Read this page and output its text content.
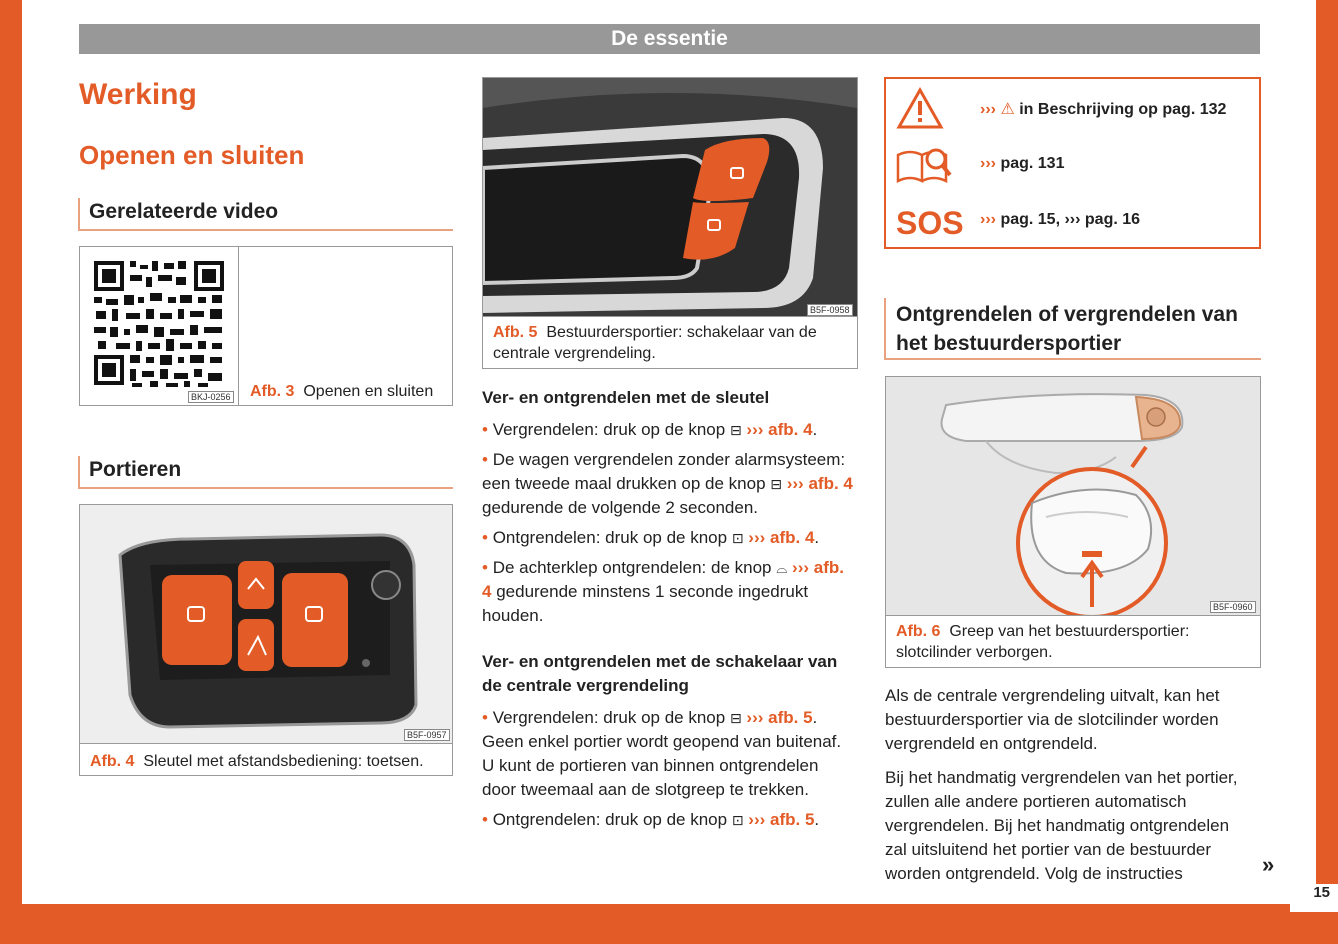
15
De essentie
Werking
Openen en sluiten
Gerelateerde video
BKJ-0256 Afb. 3 Openen en sluiten
Portieren
B5F-0957
Afb. 4 Sleutel met afstandsbediening: toetsen.
B5F-0958
Afb. 5 Bestuurdersportier: schakelaar van de centrale vergrendeling.

Ver- en ontgrendelen met de sleutel

• Vergrendelen: druk op de knop ⊟ ››› afb. 4.

• De wagen vergrendelen zonder alarmsysteem: een tweede maal drukken op de knop ⊟ ››› afb. 4 gedurende de volgende 2 seconden.

• Ontgrendelen: druk op de knop ⊡ ››› afb. 4.

• De achterklep ontgrendelen: de knop ⌓ ››› afb. 4 gedurende minstens 1 seconde ingedrukt houden.

Ver- en ontgrendelen met de schakelaar van de centrale vergrendeling

• Vergrendelen: druk op de knop ⊟ ››› afb. 5. Geen enkel portier wordt geopend van buitenaf. U kunt de portieren van binnen ontgrendelen door tweemaal aan de slotgreep te trekken.

• Ontgrendelen: druk op de knop ⊡ ››› afb. 5.

››› ⚠ in Beschrijving op pag. 132
››› pag. 131
SOS ››› pag. 15, ››› pag. 16
Ontgrendelen of vergrendelen van het bestuurdersportier
B5F-0960
Afb. 6 Greep van het bestuurdersportier: slotcilinder verborgen.

Als de centrale vergrendeling uitvalt, kan het bestuurdersportier via de slotcilinder worden vergrendeld en ontgrendeld.

Bij het handmatig vergrendelen van het portier, zullen alle andere portieren automatisch vergrendelen. Bij het handmatig ontgrendelen zal uitsluitend het portier van de bestuurder worden ontgrendeld. Volg de instructies	»
